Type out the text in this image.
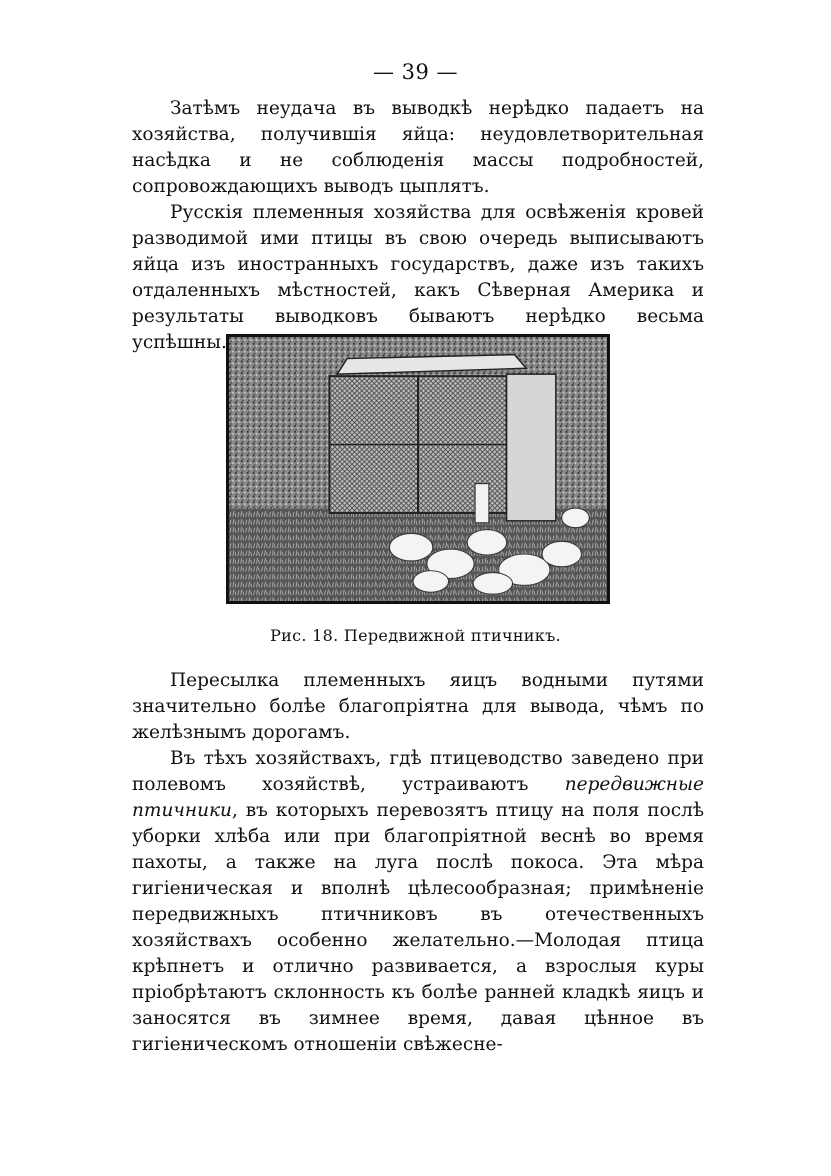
— 39 —

Затѣмъ неудача въ выводкѣ нерѣдко падаетъ на хозяйства, получившія яйца: неудовлетворительная насѣдка и не соблюденія массы подробностей, сопровождающихъ выводъ цыплятъ.

Русскія племенныя хозяйства для освѣженія кровей разводимой ими птицы въ свою очередь выписываютъ яйца изъ иностранныхъ государствъ, даже изъ такихъ отдаленныхъ мѣстностей, какъ Сѣверная Америка и результаты выводковъ бываютъ нерѣдко весьма успѣшны.

Рис. 18. Передвижной птичникъ.

Пересылка племенныхъ яицъ водными путями значительно болѣе благопріятна для вывода, чѣмъ по желѣзнымъ дорогамъ.

Въ тѣхъ хозяйствахъ, гдѣ птицеводство заведено при полевомъ хозяйствѣ, устраиваютъ передвижные птичники, въ которыхъ перевозятъ птицу на поля послѣ уборки хлѣба или при благопріятной веснѣ во время пахоты, а также на луга послѣ покоса. Эта мѣра гигіеническая и вполнѣ цѣлесообразная; примѣненіе передвижныхъ птичниковъ въ отечественныхъ хозяйствахъ особенно желательно.—Молодая птица крѣпнетъ и отлично развивается, а взрослыя куры пріобрѣтаютъ склонность къ болѣе ранней кладкѣ яицъ и заносятся въ зимнее время, давая цѣнное въ гигіеническомъ отношеніи свѣжесне-
